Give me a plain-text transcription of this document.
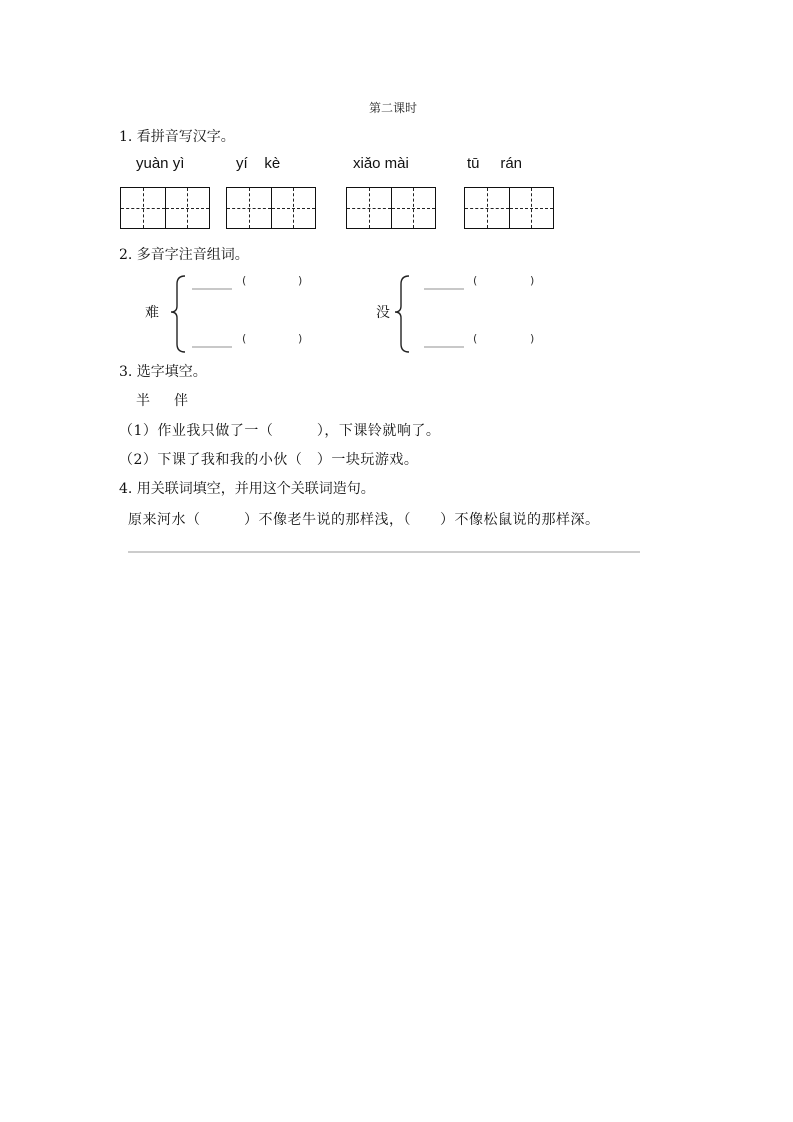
第二课时
1. 看拼音写汉字。
yuàn yì	yí    kè	xiǎo mài	tū     rán
2. 多音字注音组词。
难
(	)
(	)
没
(	)
(	)
3. 选字填空。
半 伴
（1）作业我只做了一（　　　），下课铃就响了。
（2）下课了我和我的小伙（　）一块玩游戏。
4. 用关联词填空，并用这个关联词造句。
原来河水（　　　）不像老牛说的那样浅，（　　）不像松鼠说的那样深。
